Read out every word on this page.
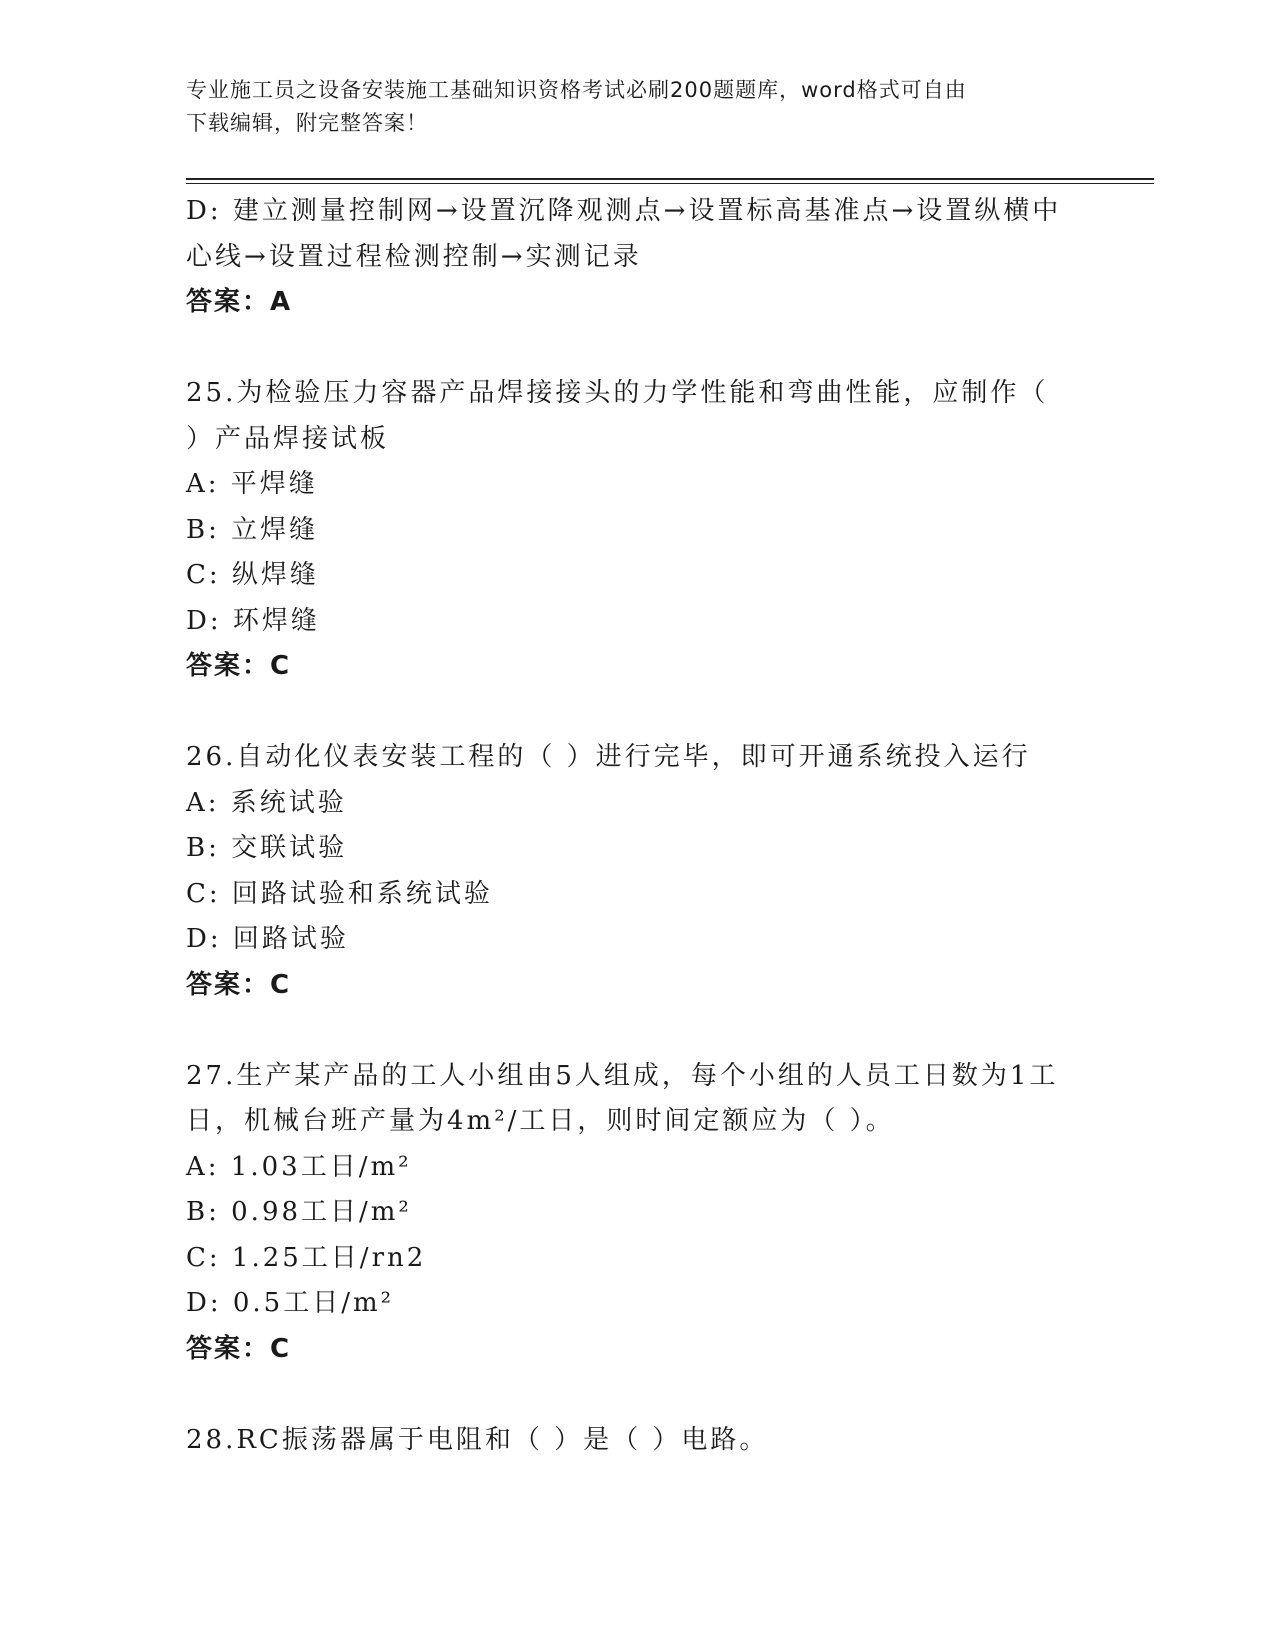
专业施工员之设备安装施工基础知识资格考试必刷200题题库，word格式可自由
下载编辑，附完整答案！
D: 建立测量控制网→设置沉降观测点→设置标高基准点→设置纵横中
心线→设置过程检测控制→实测记录
答案：A
25.为检验压力容器产品焊接接头的力学性能和弯曲性能，应制作（
）产品焊接试板
A: 平焊缝
B: 立焊缝
C: 纵焊缝
D: 环焊缝
答案：C
26.自动化仪表安装工程的（ ）进行完毕，即可开通系统投入运行
A: 系统试验
B: 交联试验
C: 回路试验和系统试验
D: 回路试验
答案：C
27.生产某产品的工人小组由5人组成，每个小组的人员工日数为1工
日，机械台班产量为4m²/工日，则时间定额应为（ ）。
A: 1.03工日/m²
B: 0.98工日/m²
C: 1.25工日/rn2
D: 0.5工日/m²
答案：C
28.RC振荡器属于电阻和（ ）是（ ）电路。
